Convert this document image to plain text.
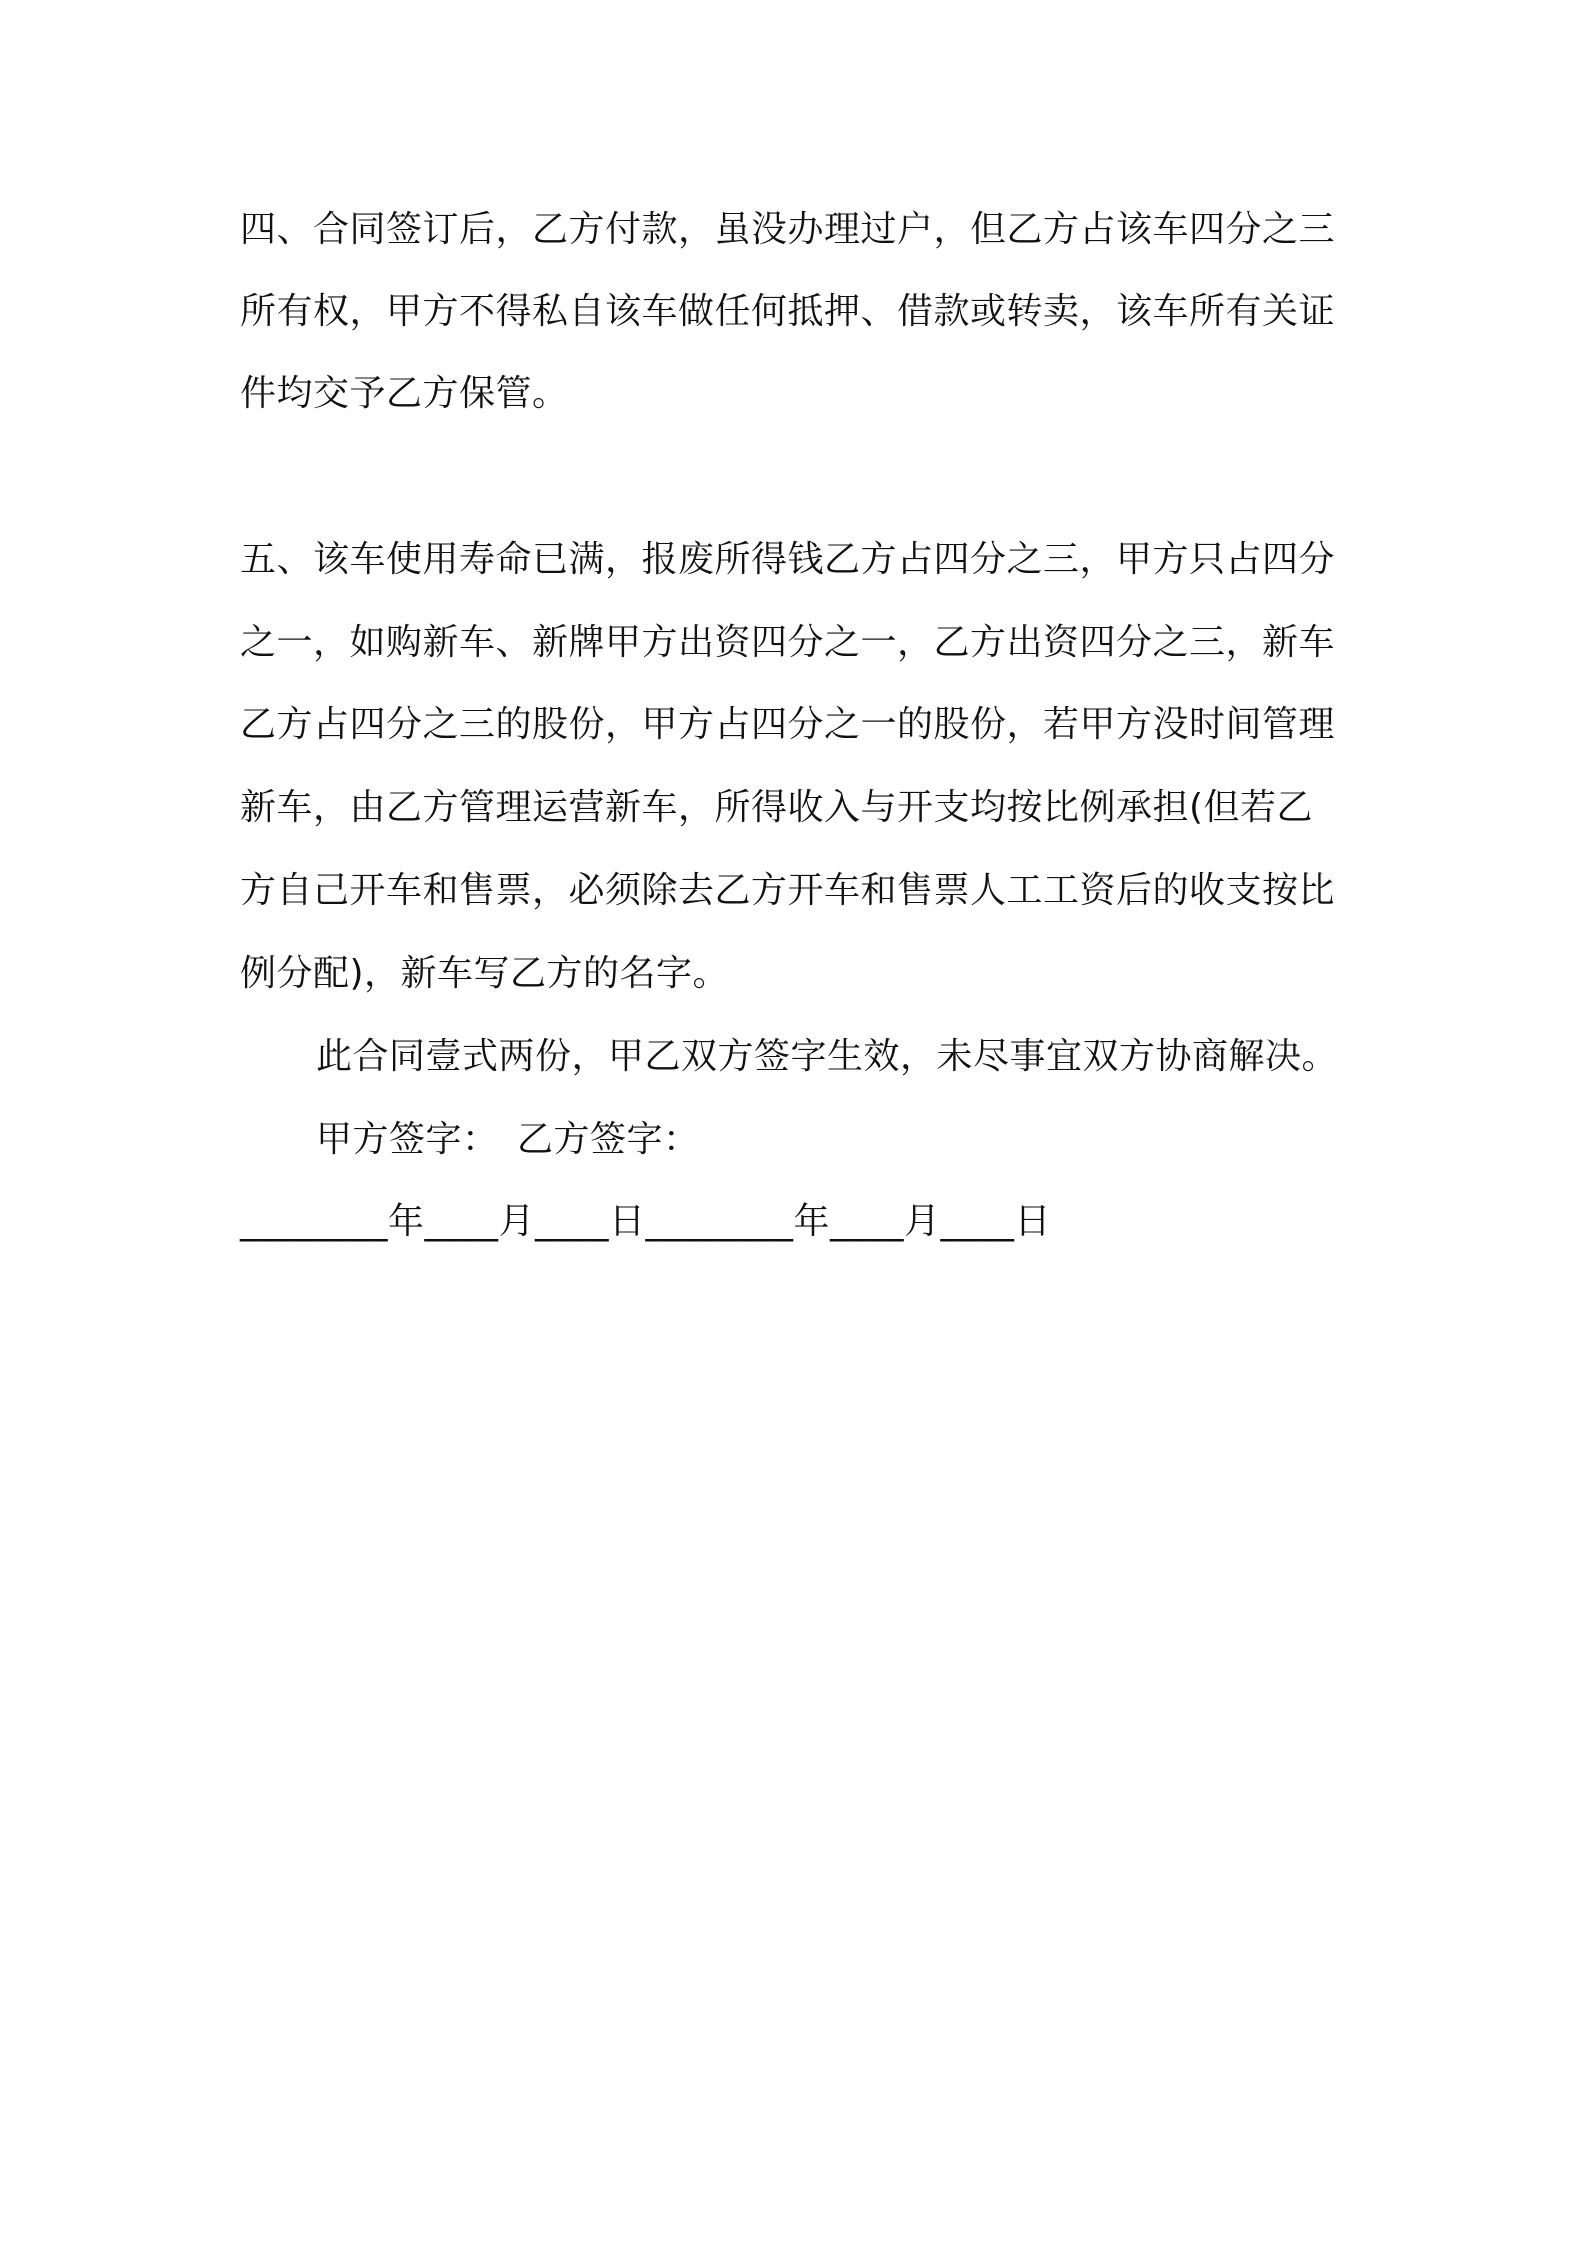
四、合同签订后，乙方付款，虽没办理过户，但乙方占该车四分之三
所有权，甲方不得私自该车做任何抵押、借款或转卖，该车所有关证
件均交予乙方保管。
五、该车使用寿命已满，报废所得钱乙方占四分之三，甲方只占四分
之一，如购新车、新牌甲方出资四分之一，乙方出资四分之三，新车
乙方占四分之三的股份，甲方占四分之一的股份，若甲方没时间管理
新车，由乙方管理运营新车，所得收入与开支均按比例承担(但若乙
方自己开车和售票，必须除去乙方开车和售票人工工资后的收支按比
例分配)，新车写乙方的名字。
此合同壹式两份，甲乙双方签字生效，未尽事宜双方协商解决。
甲方签字：　乙方签字：
________年____月____日________年____月____日
